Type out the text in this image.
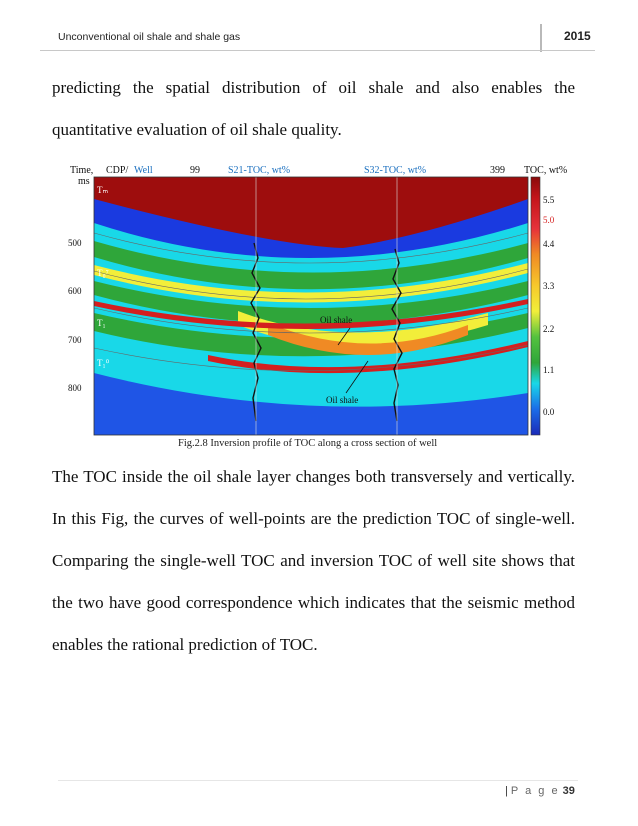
Unconventional oil shale and shale gas	2015

predicting the spatial distribution of oil shale and also enables the quantitative evaluation of oil shale quality.

Time,
ms
CDP/ Well	99	S21-TOC, wt%	S32-TOC, wt%	399 TOC, wt%
500
600
700
800
Tₘ
T₀⁷
T₁
T₁⁰
Oil shale
Oil shale
5.5
5.0
4.4
3.3
2.2
1.1
0.0
Fig.2.8 Inversion profile of TOC along a cross section of well

The TOC inside the oil shale layer changes both transversely and vertically. In this Fig, the curves of well-points are the prediction TOC of single-well. Comparing the single-well TOC and inversion TOC of well site shows that the two have good correspondence which indicates that the seismic method enables the rational prediction of TOC.

| P a g e 39
